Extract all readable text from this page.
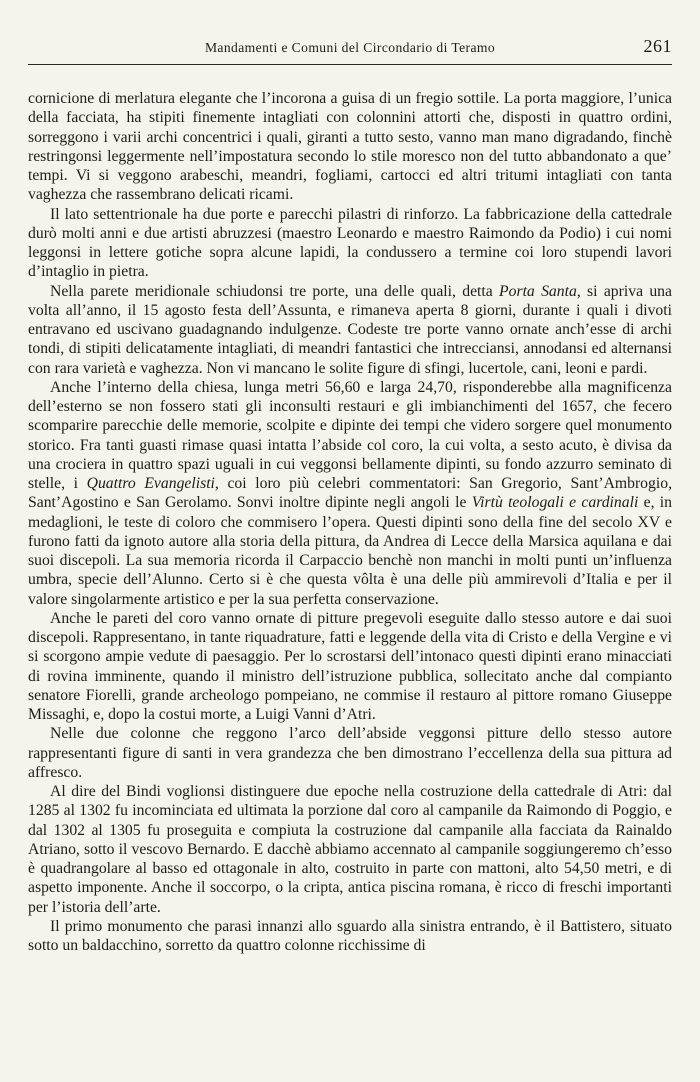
Mandamenti e Comuni del Circondario di Teramo	261

cornicione di merlatura elegante che l’incorona a guisa di un fregio sottile. La porta maggiore, l’unica della facciata, ha stipiti finemente intagliati con colonnini attorti che, disposti in quattro ordini, sorreggono i varii archi concentrici i quali, giranti a tutto sesto, vanno man mano digradando, finchè restringonsi leggermente nell’impostatura secondo lo stile moresco non del tutto abbandonato a que’ tempi. Vi si veggono arabeschi, meandri, fogliami, cartocci ed altri tritumi intagliati con tanta vaghezza che rassembrano delicati ricami.

Il lato settentrionale ha due porte e parecchi pilastri di rinforzo. La fabbricazione della cattedrale durò molti anni e due artisti abruzzesi (maestro Leonardo e maestro Raimondo da Podio) i cui nomi leggonsi in lettere gotiche sopra alcune lapidi, la condussero a termine coi loro stupendi lavori d’intaglio in pietra.

Nella parete meridionale schiudonsi tre porte, una delle quali, detta Porta Santa, si apriva una volta all’anno, il 15 agosto festa dell’Assunta, e rimaneva aperta 8 giorni, durante i quali i divoti entravano ed uscivano guadagnando indulgenze. Codeste tre porte vanno ornate anch’esse di archi tondi, di stipiti delicatamente intagliati, di meandri fantastici che intrecciansi, annodansi ed alternansi con rara varietà e vaghezza. Non vi mancano le solite figure di sfingi, lucertole, cani, leoni e pardi.

Anche l’interno della chiesa, lunga metri 56,60 e larga 24,70, risponderebbe alla magnificenza dell’esterno se non fossero stati gli inconsulti restauri e gli imbianchimenti del 1657, che fecero scomparire parecchie delle memorie, scolpite e dipinte dei tempi che videro sorgere quel monumento storico. Fra tanti guasti rimase quasi intatta l’abside col coro, la cui volta, a sesto acuto, è divisa da una crociera in quattro spazi uguali in cui veggonsi bellamente dipinti, su fondo azzurro seminato di stelle, i Quattro Evangelisti, coi loro più celebri commentatori: San Gregorio, Sant’Ambrogio, Sant’Agostino e San Gerolamo. Sonvi inoltre dipinte negli angoli le Virtù teologali e cardinali e, in medaglioni, le teste di coloro che commisero l’opera. Questi dipinti sono della fine del secolo XV e furono fatti da ignoto autore alla storia della pittura, da Andrea di Lecce della Marsica aquilana e dai suoi discepoli. La sua memoria ricorda il Carpaccio benchè non manchi in molti punti un’influenza umbra, specie dell’Alunno. Certo si è che questa vôlta è una delle più ammirevoli d’Italia e per il valore singolarmente artistico e per la sua perfetta conservazione.

Anche le pareti del coro vanno ornate di pitture pregevoli eseguite dallo stesso autore e dai suoi discepoli. Rappresentano, in tante riquadrature, fatti e leggende della vita di Cristo e della Vergine e vi si scorgono ampie vedute di paesaggio. Per lo scrostarsi dell’intonaco questi dipinti erano minacciati di rovina imminente, quando il ministro dell’istruzione pubblica, sollecitato anche dal compianto senatore Fiorelli, grande archeologo pompeiano, ne commise il restauro al pittore romano Giuseppe Missaghi, e, dopo la costui morte, a Luigi Vanni d’Atri.

Nelle due colonne che reggono l’arco dell’abside veggonsi pitture dello stesso autore rappresentanti figure di santi in vera grandezza che ben dimostrano l’eccellenza della sua pittura ad affresco.

Al dire del Bindi voglionsi distinguere due epoche nella costruzione della cattedrale di Atri: dal 1285 al 1302 fu incominciata ed ultimata la porzione dal coro al campanile da Raimondo di Poggio, e dal 1302 al 1305 fu proseguita e compiuta la costruzione dal campanile alla facciata da Rainaldo Atriano, sotto il vescovo Bernardo. E dacchè abbiamo accennato al campanile soggiungeremo ch’esso è quadrangolare al basso ed ottagonale in alto, costruito in parte con mattoni, alto 54,50 metri, e di aspetto imponente. Anche il soccorpo, o la cripta, antica piscina romana, è ricco di freschi importanti per l’istoria dell’arte.

Il primo monumento che parasi innanzi allo sguardo alla sinistra entrando, è il Battistero, situato sotto un baldacchino, sorretto da quattro colonne ricchissime di
